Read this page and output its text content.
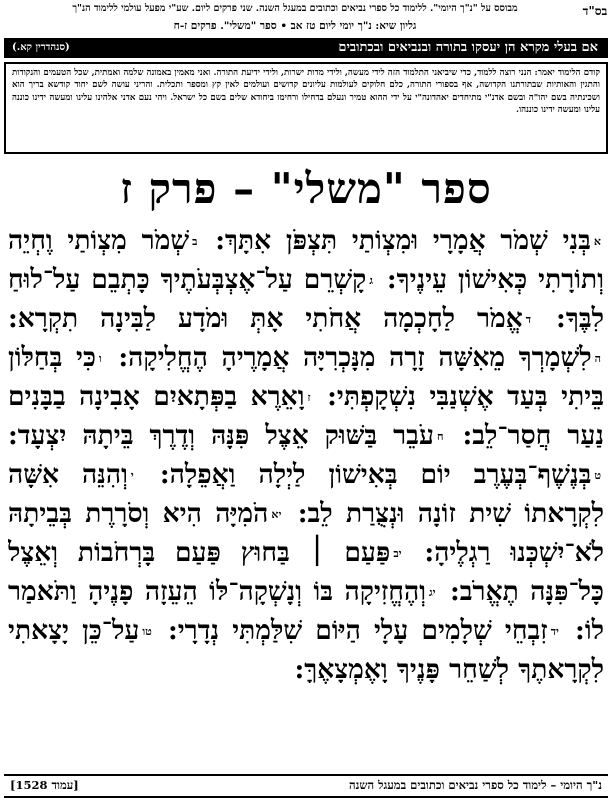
בס"ד
מבוסס על "נ"ך היומי". ללימוד כל ספרי נביאים וכתובים במעגל השנה. שני פרקים ליום. שע"י מפעל עולמי ללימוד הנ"ך
גליון שיא: נ"ך יומי ליום טז אב • ספר "משלי". פרקים ז-ח
אם בעלי מקרא הן יעסקו בתורה ובנביאים ובכתובים
(סנהדרין קא.)
קודם הלימוד יאמר: הנני רוצה ללמוד, כדי שיביאני התלמוד הזה לידי מעשה, ולידי מדות ישרות, ולידי ידיעת התורה. ואני מאמין באמונה שלמה ואמתית, שכל הטעמים והנקודות והתגין והאותיות שבתורתנו הקדושה, אף בספורי התורה, כלם חלוקים לעולמות עליונים קדושים ועולמים לאין קץ ומספר ותכלית. והריני עושה לשם יחוד קודשא בריך הוא ושכינתיה בשם יהו"ה ובשם אדנ"י מתיחדים יאהדונה"י על ידי ההוא טמיר ונעלם בדחילו ורחימו ביחודא שלים בשם כל ישראל. ויהי נעם אדני אלהינו עלינו ומעשה ידינו כוננה עלינו ומעשה ידינו כוננהו.
ספר "משלי" – פרק ז
אבְּנִי שְׁמֹר אֲמָרָי וּמִצְוֹתַי תִּצְפֹּן אִתָּךְ: בשְׁמֹר מִצְוֹתַי וֶחְיֵה וְתוֹרָתִי כְּאִישׁוֹן עֵינֶיךָ: גקָשְׁרֵם עַל־אֶצְבְּעֹתֶיךָ כָּתְבֵם עַל־לוּחַ לִבֶּךָ: דאֱמֹר לַחָכְמָה אֲחֹתִי אָתְּ וּמֹדָע לַבִּינָה תִקְרָא: הלִשְׁמָרְךָ מֵאִשָּׁה זָרָה מִנָּכְרִיָּה אֲמָרֶיהָ הֶחֱלִיקָה: וכִּי בְּחַלּוֹן בֵּיתִי בְּעַד אֶשְׁנַבִּי נִשְׁקָפְתִּי: זוָאֵרֶא בַפְּתָאיִם אָבִינָה בַבָּנִים נַעַר חֲסַר־לֵב: חעֹבֵר בַּשּׁוּק אֵצֶל פִּנָּהּ וְדֶרֶךְ בֵּיתָהּ יִצְעָד: טבְּנֶשֶׁף־בְּעֶרֶב יוֹם בְּאִישׁוֹן לַיְלָה וַאֲפֵלָה: יוְהִנֵּה אִשָּׁה לִקְרָאתוֹ שִׁית זוֹנָה וּנְצֻרַת לֵב: יאהֹמִיָּה הִיא וְסֹרָרֶת בְּבֵיתָהּ לֹא־יִשְׁכְּנוּ רַגְלֶיהָ: יבפַּעַם ׀ בַּחוּץ פַּעַם בָּרְחֹבוֹת וְאֵצֶל כָּל־פִּנָּה תֶאֱרֹב: יגוְהֶחֱזִיקָה בּוֹ וְנָשְׁקָה־לּוֹ הֵעֵזָה פָנֶיהָ וַתֹּאמַר לוֹ: ידזִבְחֵי שְׁלָמִים עָלָי הַיּוֹם שִׁלַּמְתִּי נְדָרָי: טועַל־כֵּן יָצָאתִי לִקְרָאתֶךָ לְשַׁחֵר פָּנֶיךָ וָאֶמְצָאֶךָּ:
נ"ך היומי – לימוד כל ספרי נביאים וכתובים במעגל השנה
[עמוד 1528]
